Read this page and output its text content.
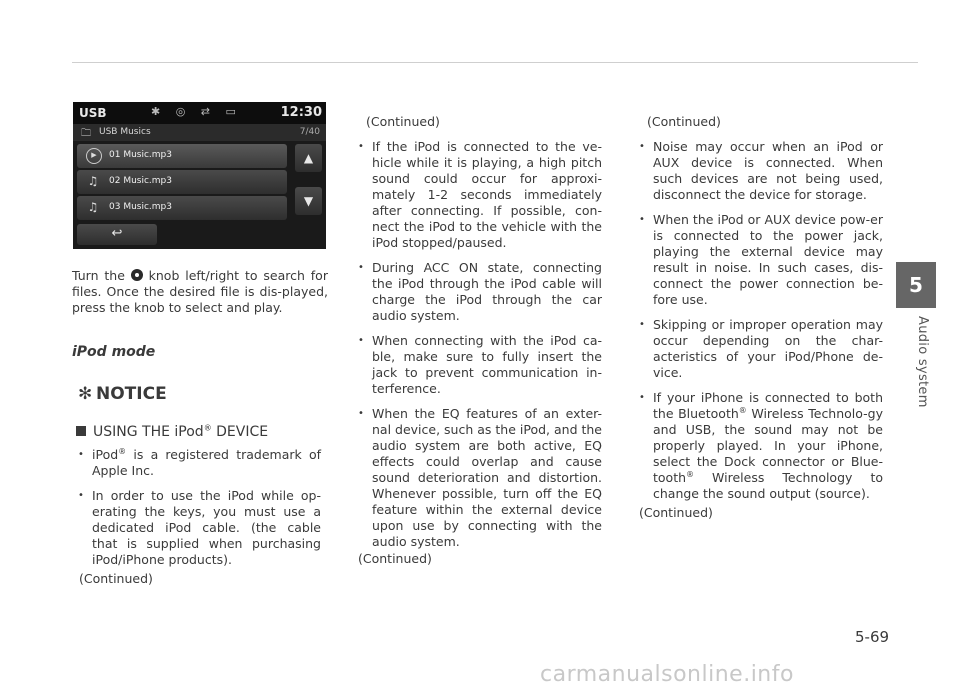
USB	✱ ◎ ⇄ ▭	12:30
🗀 USB Musics	7/40
▶	01 Music.mp3
♫ 02 Music.mp3
♫ 03 Music.mp3
▲
▼
↩
Turn the knob left/right to search for files. Once the desired file is dis-played, press the knob to select and play.
iPod mode
✻ NOTICE
USING THE iPod® DEVICE
• iPod® is a registered trademark of Apple Inc.
• In order to use the iPod while op-erating the keys, you must use a dedicated iPod cable. (the cable that is supplied when purchasing iPod/iPhone products).
(Continued)
(Continued)
• If the iPod is connected to the ve-hicle while it is playing, a high pitch sound could occur for approxi-mately 1-2 seconds immediately after connecting. If possible, con-nect the iPod to the vehicle with the iPod stopped/paused.
• During ACC ON state, connecting the iPod through the iPod cable will charge the iPod through the car audio system.
• When connecting with the iPod ca-ble, make sure to fully insert the jack to prevent communication in-terference.
• When the EQ features of an exter-nal device, such as the iPod, and the audio system are both active, EQ effects could overlap and cause sound deterioration and distortion. Whenever possible, turn off the EQ feature within the external device upon use by connecting with the audio system.
(Continued)
(Continued)
• Noise may occur when an iPod or AUX device is connected. When such devices are not being used, disconnect the device for storage.
• When the iPod or AUX device pow-er is connected to the power jack, playing the external device may result in noise. In such cases, dis-connect the power connection be-fore use.
• Skipping or improper operation may occur depending on the char-acteristics of your iPod/Phone de-vice.
• If your iPhone is connected to both the Bluetooth® Wireless Technolo-gy and USB, the sound may not be properly played. In your iPhone, select the Dock connector or Blue-tooth® Wireless Technology to change the sound output (source).
(Continued)
5
Audio system
5-69
carmanualsonline.info
